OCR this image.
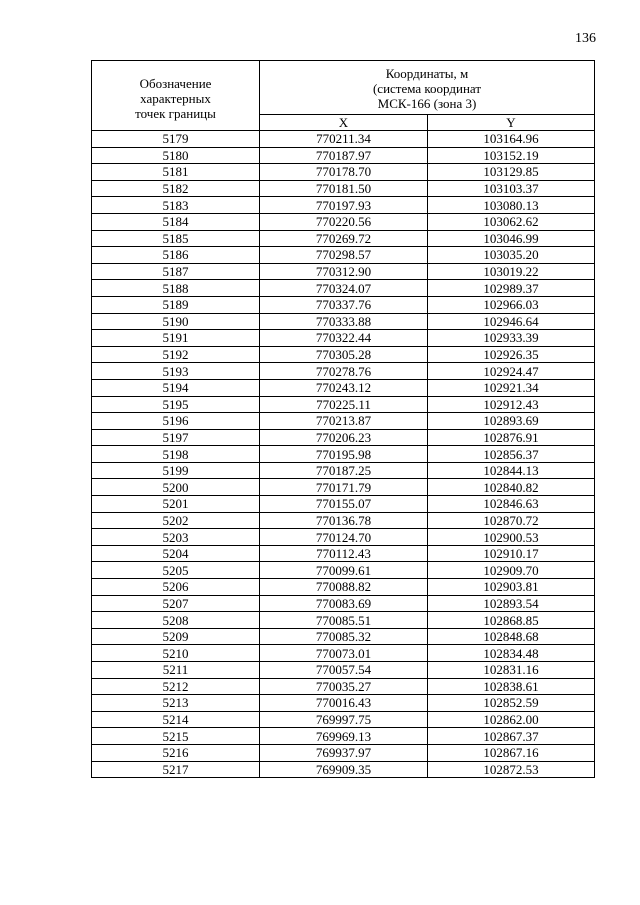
136
Обозначение
характерных
точек границы	Координаты, м
(система координат
МСК-166 (зона 3)	

	X	Y
5179	770211.34	103164.96
5180	770187.97	103152.19
5181	770178.70	103129.85
5182	770181.50	103103.37
5183	770197.93	103080.13
5184	770220.56	103062.62
5185	770269.72	103046.99
5186	770298.57	103035.20
5187	770312.90	103019.22
5188	770324.07	102989.37
5189	770337.76	102966.03
5190	770333.88	102946.64
5191	770322.44	102933.39
5192	770305.28	102926.35
5193	770278.76	102924.47
5194	770243.12	102921.34
5195	770225.11	102912.43
5196	770213.87	102893.69
5197	770206.23	102876.91
5198	770195.98	102856.37
5199	770187.25	102844.13
5200	770171.79	102840.82
5201	770155.07	102846.63
5202	770136.78	102870.72
5203	770124.70	102900.53
5204	770112.43	102910.17
5205	770099.61	102909.70
5206	770088.82	102903.81
5207	770083.69	102893.54
5208	770085.51	102868.85
5209	770085.32	102848.68
5210	770073.01	102834.48
5211	770057.54	102831.16
5212	770035.27	102838.61
5213	770016.43	102852.59
5214	769997.75	102862.00
5215	769969.13	102867.37
5216	769937.97	102867.16
5217	769909.35	102872.53
